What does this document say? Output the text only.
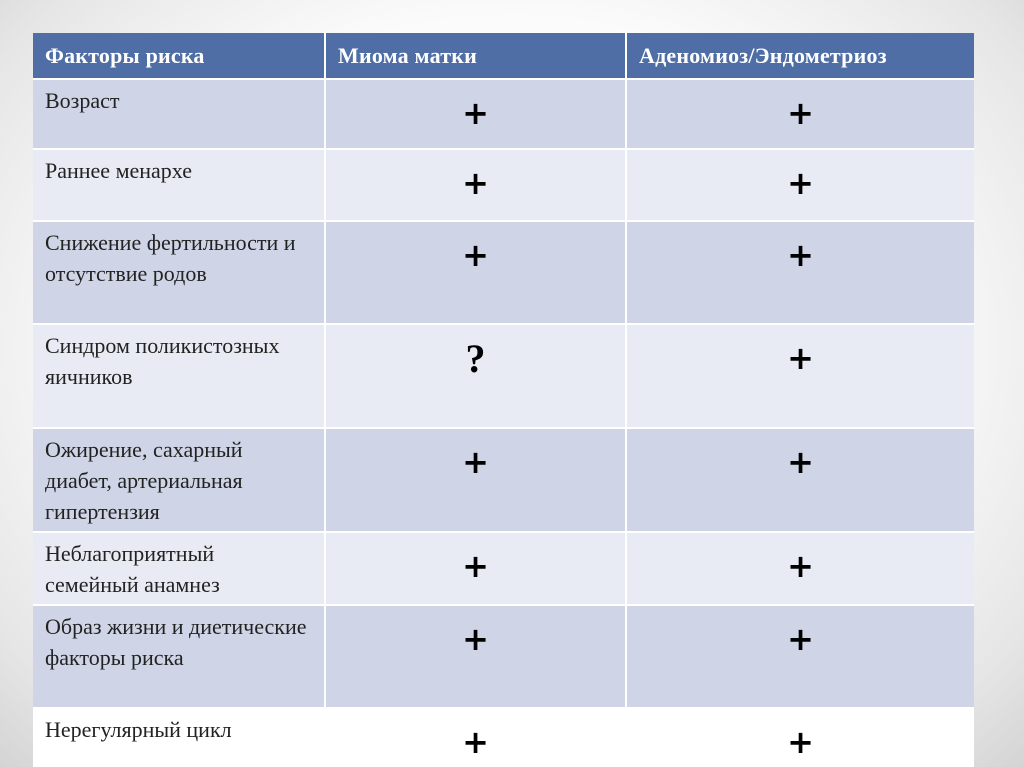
Факторы риска	Миома матки	Аденомиоз/Эндометриоз

Возраст	+	+

Раннее менархе	+	+

Снижение фертильности и отсутствие родов	+	+

Синдром поликистозных яичников	?	+

Ожирение, сахарный диабет, артериальная гипертензия	+	+

Неблагоприятный семейный анамнез	+	+

Образ жизни и диетические факторы риска	+	+

Нерегулярный цикл	+	+
